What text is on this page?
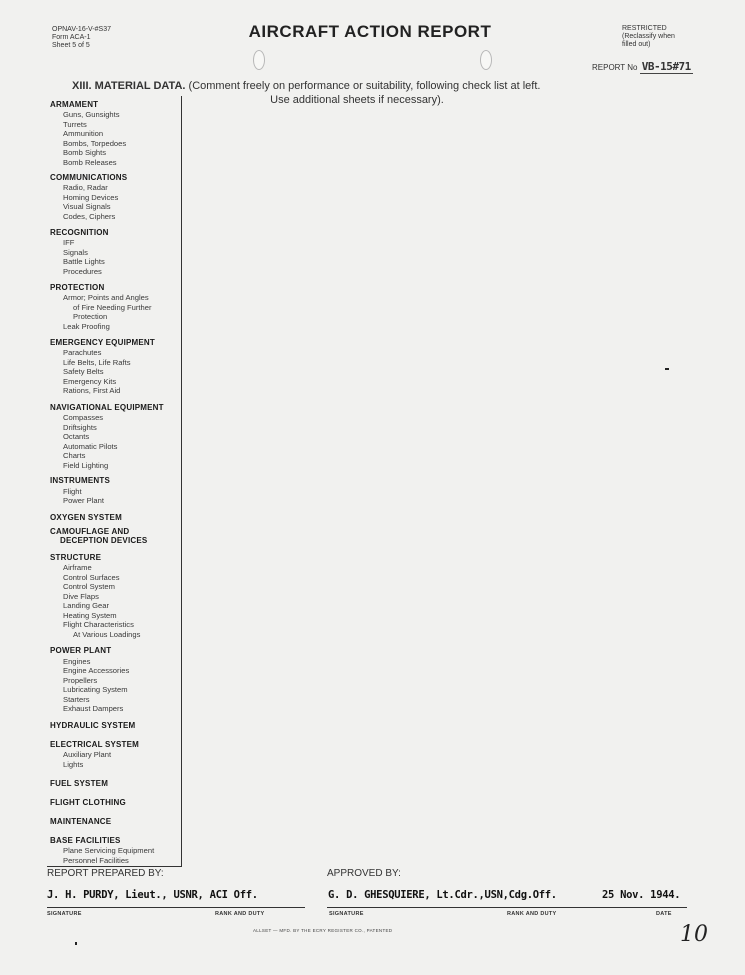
OPNAV-16-V-#S37
Form ACA-1
Sheet 5 of 5
AIRCRAFT ACTION REPORT	RESTRICTED
(Reclassify when
filled out)
REPORT No VB-15#71
XIII. MATERIAL DATA. (Comment freely on performance or suitability, following check list at left.
Use additional sheets if necessary).
ARMAMENT
Guns, Gunsights
Turrets
Ammunition
Bombs, Torpedoes
Bomb Sights
Bomb Releases
COMMUNICATIONS
Radio, Radar
Homing Devices
Visual Signals
Codes, Ciphers
RECOGNITION
IFF
Signals
Battle Lights
Procedures
PROTECTION
Armor; Points and Angles
of Fire Needing Further
Protection
Leak Proofing
EMERGENCY EQUIPMENT
Parachutes
Life Belts, Life Rafts
Safety Belts
Emergency Kits
Rations, First Aid
NAVIGATIONAL EQUIPMENT
Compasses
Driftsights
Octants
Automatic Pilots
Charts
Field Lighting
INSTRUMENTS
Flight
Power Plant
OXYGEN SYSTEM
CAMOUFLAGE AND
DECEPTION DEVICES
STRUCTURE
Airframe
Control Surfaces
Control System
Dive Flaps
Landing Gear
Heating System
Flight Characteristics
At Various Loadings
POWER PLANT
Engines
Engine Accessories
Propellers
Lubricating System
Starters
Exhaust Dampers
HYDRAULIC SYSTEM
ELECTRICAL SYSTEM
Auxiliary Plant
Lights
FUEL SYSTEM
FLIGHT CLOTHING
MAINTENANCE
BASE FACILITIES
Plane Servicing Equipment
Personnel Facilities
REPORT PREPARED BY:	APPROVED BY:
J. H. PURDY, Lieut., USNR, ACI Off.	G. D. GHESQUIERE, Lt.Cdr.,USN,Cdg.Off.	25 Nov. 1944.
SIGNATURE	RANK AND DUTY	SIGNATURE	RANK AND DUTY	DATE
ALLSET — MFD. BY THE ECRY REGISTER CO., PATENTED	10
